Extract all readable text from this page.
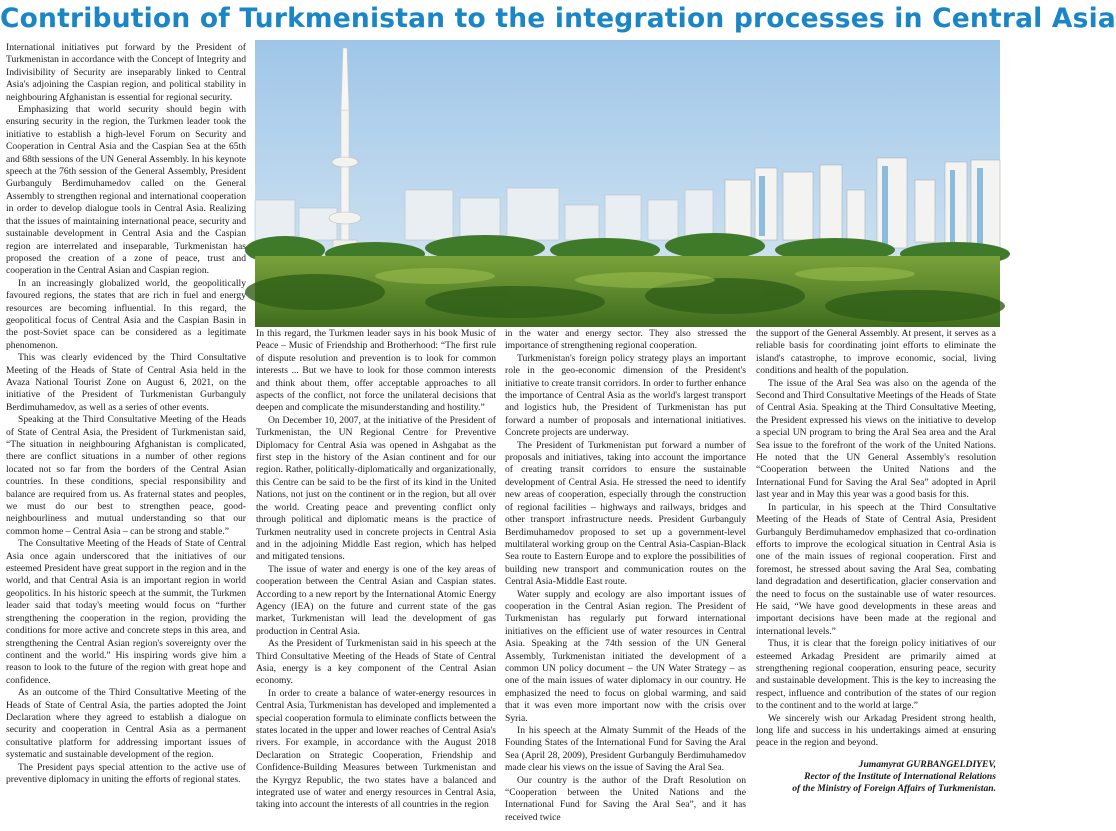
Contribution of Turkmenistan to the integration processes in Central Asia

International initiatives put forward by the President of Turkmenistan in accordance with the Concept of Integrity and Indivisibility of Security are inseparably linked to Central Asia's adjoining the Caspian region, and political stability in neighbouring Afghanistan is essential for regional security.

Emphasizing that world security should begin with ensuring security in the region, the Turkmen leader took the initiative to establish a high-level Forum on Security and Cooperation in Central Asia and the Caspian Sea at the 65th and 68th sessions of the UN General Assembly. In his keynote speech at the 76th session of the General Assembly, President Gurbanguly Berdimuhamedov called on the General Assembly to strengthen regional and international cooperation in order to develop dialogue tools in Central Asia. Realizing that the issues of maintaining international peace, security and sustainable development in Central Asia and the Caspian region are interrelated and inseparable, Turkmenistan has proposed the creation of a zone of peace, trust and cooperation in the Central Asian and Caspian region.

In an increasingly globalized world, the geopolitically favoured regions, the states that are rich in fuel and energy resources are becoming influential. In this regard, the geopolitical focus of Central Asia and the Caspian Basin in the post-Soviet space can be considered as a legitimate phenomenon.

This was clearly evidenced by the Third Consultative Meeting of the Heads of State of Central Asia held in the Avaza National Tourist Zone on August 6, 2021, on the initiative of the President of Turkmenistan Gurbanguly Berdimuhamedov, as well as a series of other events.

Speaking at the Third Consultative Meeting of the Heads of State of Central Asia, the President of Turkmenistan said, “The situation in neighbouring Afghanistan is complicated, there are conflict situations in a number of other regions located not so far from the borders of the Central Asian countries. In these conditions, special responsibility and balance are required from us. As fraternal states and peoples, we must do our best to strengthen peace, good-neighbourliness and mutual understanding so that our common home – Central Asia – can be strong and stable.”

The Consultative Meeting of the Heads of State of Central Asia once again underscored that the initiatives of our esteemed President have great support in the region and in the world, and that Central Asia is an important region in world geopolitics. In his historic speech at the summit, the Turkmen leader said that today's meeting would focus on “further strengthening the cooperation in the region, providing the conditions for more active and concrete steps in this area, and strengthening the Central Asian region's sovereignty over the continent and the world.” His inspiring words give him a reason to look to the future of the region with great hope and confidence.

As an outcome of the Third Consultative Meeting of the Heads of State of Central Asia, the parties adopted the Joint Declaration where they agreed to establish a dialogue on security and cooperation in Central Asia as a permanent consultative platform for addressing important issues of systematic and sustainable development of the region.

The President pays special attention to the active use of preventive diplomacy in uniting the efforts of regional states.

In this regard, the Turkmen leader says in his book Music of Peace – Music of Friendship and Brotherhood: “The first rule of dispute resolution and prevention is to look for common interests ... But we have to look for those common interests and think about them, offer acceptable approaches to all aspects of the conflict, not force the unilateral decisions that deepen and complicate the misunderstanding and hostility.”

On December 10, 2007, at the initiative of the President of Turkmenistan, the UN Regional Centre for Preventive Diplomacy for Central Asia was opened in Ashgabat as the first step in the history of the Asian continent and for our region. Rather, politically-diplomatically and organizationally, this Centre can be said to be the first of its kind in the United Nations, not just on the continent or in the region, but all over the world. Creating peace and preventing conflict only through political and diplomatic means is the practice of Turkmen neutrality used in concrete projects in Central Asia and in the adjoining Middle East region, which has helped and mitigated tensions.

The issue of water and energy is one of the key areas of cooperation between the Central Asian and Caspian states. According to a new report by the International Atomic Energy Agency (IEA) on the future and current state of the gas market, Turkmenistan will lead the development of gas production in Central Asia.

As the President of Turkmenistan said in his speech at the Third Consultative Meeting of the Heads of State of Central Asia, energy is a key component of the Central Asian economy.

In order to create a balance of water-energy resources in Central Asia, Turkmenistan has developed and implemented a special cooperation formula to eliminate conflicts between the states located in the upper and lower reaches of Central Asia's rivers. For example, in accordance with the August 2018 Declaration on Strategic Cooperation, Friendship and Confidence-Building Measures between Turkmenistan and the Kyrgyz Republic, the two states have a balanced and integrated use of water and energy resources in Central Asia, taking into account the interests of all countries in the region

in the water and energy sector. They also stressed the importance of strengthening regional cooperation.

Turkmenistan's foreign policy strategy plays an important role in the geo-economic dimension of the President's initiative to create transit corridors. In order to further enhance the importance of Central Asia as the world's largest transport and logistics hub, the President of Turkmenistan has put forward a number of proposals and international initiatives. Concrete projects are underway.

The President of Turkmenistan put forward a number of proposals and initiatives, taking into account the importance of creating transit corridors to ensure the sustainable development of Central Asia. He stressed the need to identify new areas of cooperation, especially through the construction of regional facilities – highways and railways, bridges and other transport infrastructure needs. President Gurbanguly Berdimuhamedov proposed to set up a government-level multilateral working group on the Central Asia-Caspian-Black Sea route to Eastern Europe and to explore the possibilities of building new transport and communication routes on the Central Asia-Middle East route.

Water supply and ecology are also important issues of cooperation in the Central Asian region. The President of Turkmenistan has regularly put forward international initiatives on the efficient use of water resources in Central Asia. Speaking at the 74th session of the UN General Assembly, Turkmenistan initiated the development of a common UN policy document – the UN Water Strategy – as one of the main issues of water diplomacy in our country. He emphasized the need to focus on global warming, and said that it was even more important now with the crisis over Syria.

In his speech at the Almaty Summit of the Heads of the Founding States of the International Fund for Saving the Aral Sea (April 28, 2009), President Gurbanguly Berdimuhamedov made clear his views on the issue of Saving the Aral Sea.

Our country is the author of the Draft Resolution on “Cooperation between the United Nations and the International Fund for Saving the Aral Sea”, and it has received twice

the support of the General Assembly. At present, it serves as a reliable basis for coordinating joint efforts to eliminate the island's catastrophe, to improve economic, social, living conditions and health of the population.

The issue of the Aral Sea was also on the agenda of the Second and Third Consultative Meetings of the Heads of State of Central Asia. Speaking at the Third Consultative Meeting, the President expressed his views on the initiative to develop a special UN program to bring the Aral Sea area and the Aral Sea issue to the forefront of the work of the United Nations. He noted that the UN General Assembly's resolution “Cooperation between the United Nations and the International Fund for Saving the Aral Sea” adopted in April last year and in May this year was a good basis for this.

In particular, in his speech at the Third Consultative Meeting of the Heads of State of Central Asia, President Gurbanguly Berdimuhamedov emphasized that co-ordination efforts to improve the ecological situation in Central Asia is one of the main issues of regional cooperation. First and foremost, he stressed about saving the Aral Sea, combating land degradation and desertification, glacier conservation and the need to focus on the sustainable use of water resources. He said, “We have good developments in these areas and important decisions have been made at the regional and international levels.”

Thus, it is clear that the foreign policy initiatives of our esteemed Arkadag President are primarily aimed at strengthening regional cooperation, ensuring peace, security and sustainable development. This is the key to increasing the respect, influence and contribution of the states of our region to the continent and to the world at large.”

We sincerely wish our Arkadag President strong health, long life and success in his undertakings aimed at ensuring peace in the region and beyond.

Jumamyrat GURBANGELDIYEV,
Rector of the Institute of International Relations
of the Ministry of Foreign Affairs of Turkmenistan.
